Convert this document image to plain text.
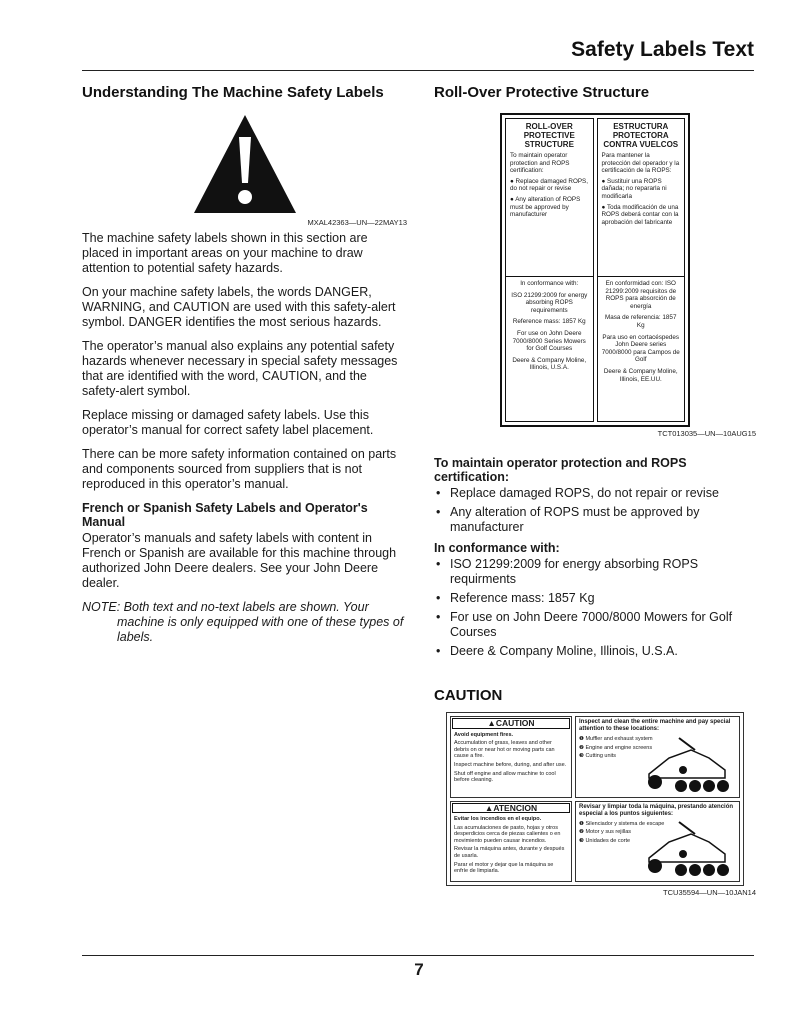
Safety Labels Text
Understanding The Machine Safety Labels
MXAL42363—UN—22MAY13

The machine safety labels shown in this section are placed in important areas on your machine to draw attention to potential safety hazards.

On your machine safety labels, the words DANGER, WARNING, and CAUTION are used with this safety-alert symbol. DANGER identifies the most serious hazards.

The operator’s manual also explains any potential safety hazards whenever necessary in special safety messages that are identified with the word, CAUTION, and the safety-alert symbol.

Replace missing or damaged safety labels. Use this operator’s manual for correct safety label placement.

There can be more safety information contained on parts and components sourced from suppliers that is not reproduced in this operator’s manual.

French or Spanish Safety Labels and Operator's Manual

Operator’s manuals and safety labels with content in French or Spanish are available for this machine through authorized John Deere dealers. See your John Deere dealer.

NOTE: Both text and no-text labels are shown. Your machine is only equipped with one of these types of labels.
Roll-Over Protective Structure
ROLL-OVER PROTECTIVE STRUCTURE
To maintain operator protection and ROPS certification:
● Replace damaged ROPS, do not repair or revise
● Any alteration of ROPS must be approved by manufacturer
In conformance with:
ISO 21299:2009 for energy absorbing ROPS requirements
Reference mass: 1857 Kg
For use on John Deere 7000/8000 Series Mowers for Golf Courses
Deere & Company Moline, Illinois, U.S.A.
ESTRUCTURA PROTECTORA CONTRA VUELCOS
Para mantener la protección del operador y la certificación de la ROPS:
● Sustituir una ROPS dañada; no repararla ni modificarla
● Toda modificación de una ROPS deberá contar con la aprobación del fabricante
En conformidad con: ISO 21299:2009 requisitos de ROPS para absorción de energía
Masa de referencia: 1857 Kg
Para uso en cortacéspedes John Deere series 7000/8000 para Campos de Golf
Deere & Company Moline, Illinois, EE.UU.
TCT013035—UN—10AUG15
To maintain operator protection and ROPS certification:
• Replace damaged ROPS, do not repair or revise
• Any alteration of ROPS must be approved by manufacturer
In conformance with:
• ISO 21299:2009 for energy absorbing ROPS requirments
• Reference mass: 1857 Kg
• For use on John Deere 7000/8000 Mowers for Golf Courses
• Deere & Company Moline, Illinois, U.S.A.
CAUTION
▲CAUTION
Avoid equipment fires.
Accumulation of grass, leaves and other debris on or near hot or moving parts can cause a fire.
Inspect machine before, during, and after use.
Shut off engine and allow machine to cool before cleaning.
Inspect and clean the entire machine and pay special attention to these locations:
❶ Muffler and exhaust system
❷ Engine and engine screens
❸ Cutting units
▲ATENCION
Evitar los incendios en el equipo.
Las acumulaciones de pasto, hojas y otros desperdicios cerca de piezas calientes o en movimiento pueden causar incendios.
Revisar la máquina antes, durante y después de usarla.
Parar el motor y dejar que la máquina se enfríe de limpiarla.
Revisar y limpiar toda la máquina, prestando atención especial a los puntos siguientes:
❶ Silenciador y sistema de escape
❷ Motor y sus rejillas
❸ Unidades de corte
TCU35594—UN—10JAN14
7
